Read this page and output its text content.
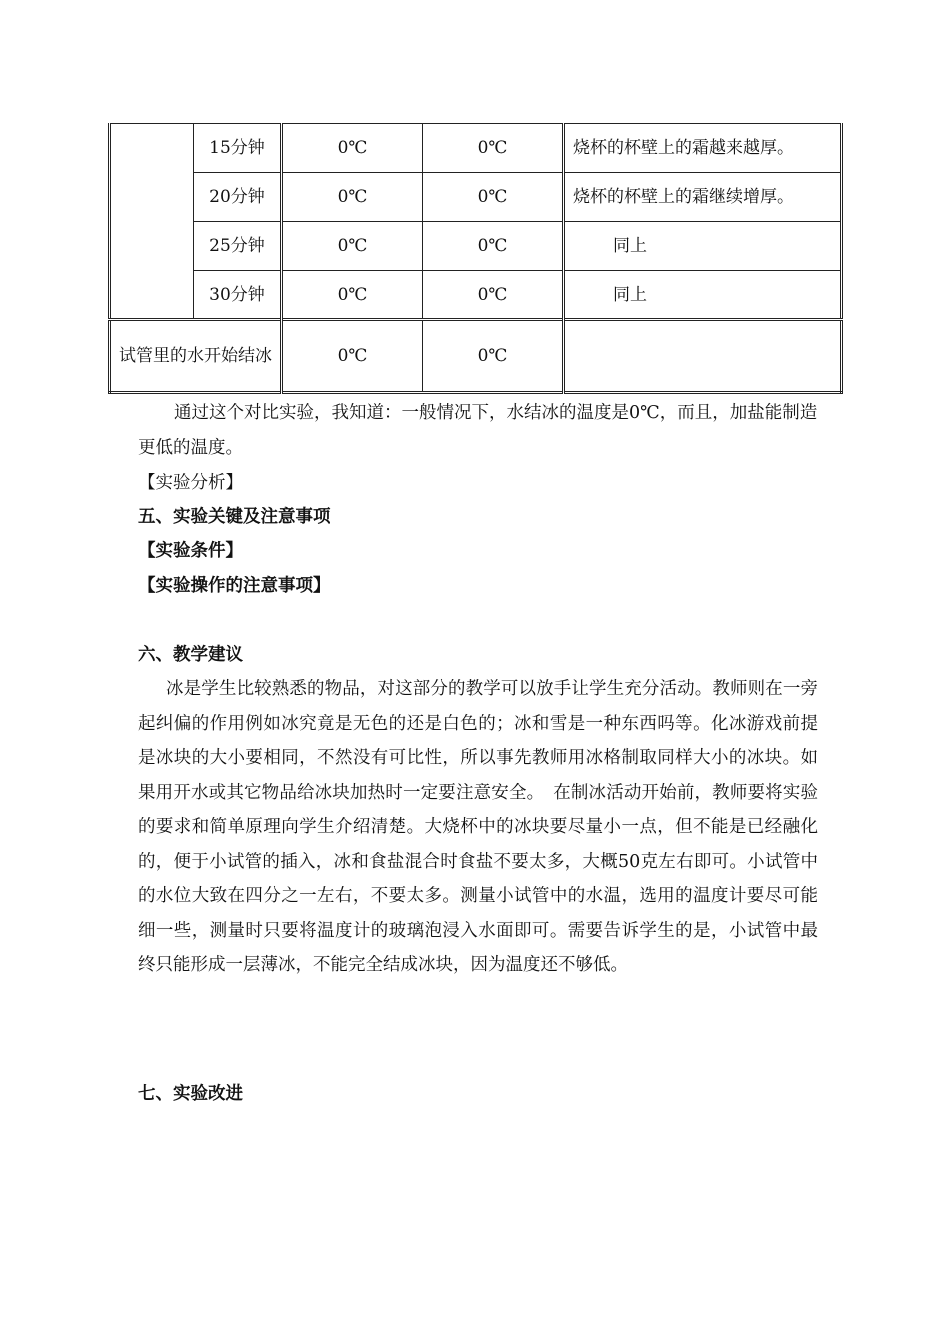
	15分钟	0℃	0℃	烧杯的杯壁上的霜越来越厚。
	20分钟	0℃	0℃	烧杯的杯壁上的霜继续增厚。
	25分钟	0℃	0℃	同上
	30分钟	0℃	0℃	同上
试管里的水开始结冰		0℃	0℃	

通过这个对比实验，我知道：一般情况下，水结冰的温度是0℃，而且，加盐能制造更低的温度。

【实验分析】

五、实验关键及注意事项

【实验条件】

【实验操作的注意事项】

六、教学建议

冰是学生比较熟悉的物品，对这部分的教学可以放手让学生充分活动。教师则在一旁起纠偏的作用例如冰究竟是无色的还是白色的；冰和雪是一种东西吗等。化冰游戏前提是冰块的大小要相同，不然没有可比性，所以事先教师用冰格制取同样大小的冰块。如果用开水或其它物品给冰块加热时一定要注意安全。　在制冰活动开始前，教师要将实验的要求和简单原理向学生介绍清楚。大烧杯中的冰块要尽量小一点，但不能是已经融化的，便于小试管的插入，冰和食盐混合时食盐不要太多，大概50克左右即可。小试管中的水位大致在四分之一左右，不要太多。测量小试管中的水温，选用的温度计要尽可能细一些，测量时只要将温度计的玻璃泡浸入水面即可。需要告诉学生的是，小试管中最终只能形成一层薄冰，不能完全结成冰块，因为温度还不够低。

七、实验改进
